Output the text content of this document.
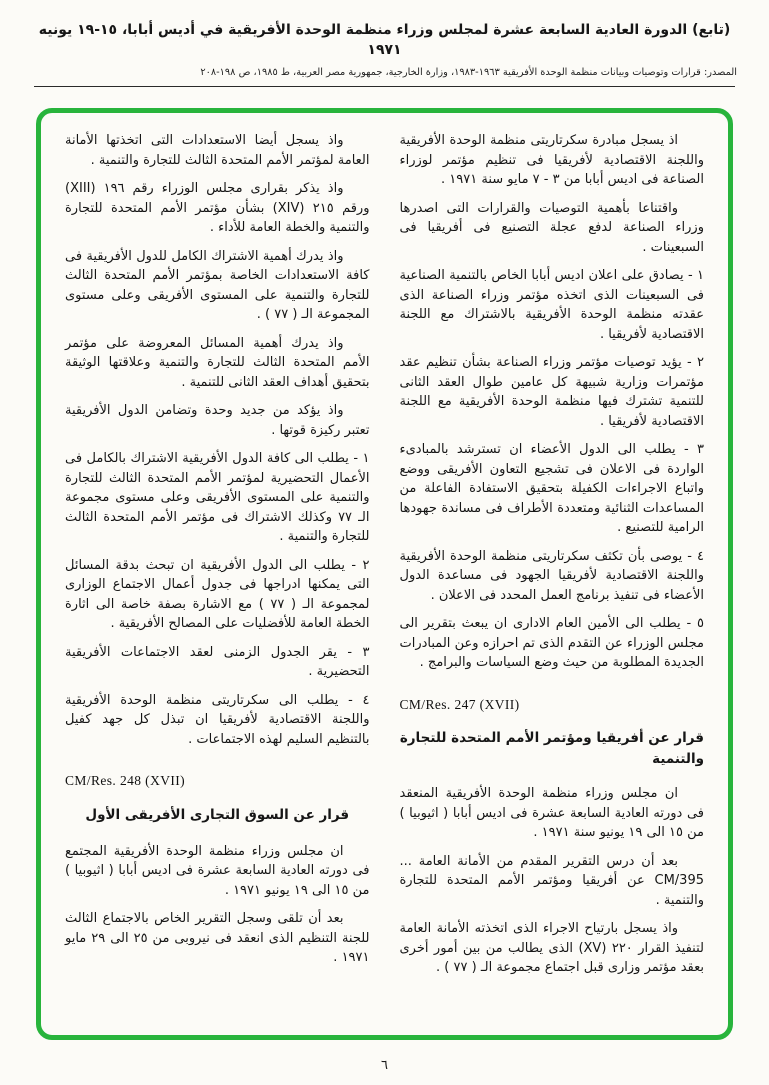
(تابع) الدورة العادية السابعة عشرة لمجلس وزراء منظمة الوحدة الأفريقية في أديس أبابا، ١٥-١٩ يونيه ١٩٧١
المصدر: قرارات وتوصيات وبيانات منظمة الوحدة الأفريقية ١٩٦٣-١٩٨٣، وزارة الخارجية، جمهورية مصر العربية، ط ١٩٨٥، ص ١٩٨-٢٠٨
اذ يسجل مبادرة سكرتاريتى منظمة الوحدة الأفريقية واللجنة الاقتصادية لأفريقيا فى تنظيم مؤتمر لوزراء الصناعة فى اديس أبابا من ٣ - ٧ مايو سنة ١٩٧١ .
واقتناعا بأهمية التوصيات والقرارات التى اصدرها وزراء الصناعة لدفع عجلة التصنيع فى أفريقيا فى السبعينات .
١ - يصادق على اعلان اديس أبابا الخاص بالتنمية الصناعية فى السبعينات الذى اتخذه مؤتمر وزراء الصناعة الذى عقدته منظمة الوحدة الأفريقية بالاشتراك مع اللجنة الاقتصادية لأفريقيا .
٢ - يؤيد توصيات مؤتمر وزراء الصناعة بشأن تنظيم عقد مؤتمرات وزارية شبيهة كل عامين طوال العقد الثانى للتنمية تشترك فيها منظمة الوحدة الأفريقية مع اللجنة الاقتصادية لأفريقيا .
٣ - يطلب الى الدول الأعضاء ان تسترشد بالمبادىء الواردة فى الاعلان فى تشجيع التعاون الأفريقى ووضع واتباع الاجراءات الكفيلة بتحقيق الاستفادة الفاعلة من المساعدات الثنائية ومتعددة الأطراف فى مساندة جهودها الرامية للتصنيع .
٤ - يوصى بأن تكثف سكرتاريتى منظمة الوحدة الأفريقية واللجنة الاقتصادية لأفريقيا الجهود فى مساعدة الدول الأعضاء فى تنفيذ برنامج العمل المحدد فى الاعلان .
٥ - يطلب الى الأمين العام الادارى ان يبعث بتقرير الى مجلس الوزراء عن التقدم الذى تم احرازه وعن المبادرات الجديدة المطلوبة من حيث وضع السياسات والبرامج .
CM/Res. 247 (XVII)
قرار عن أفريقيا ومؤتمر الأمم المتحدة للتجارة والتنمية
ان مجلس وزراء منظمة الوحدة الأفريقية المنعقد فى دورته العادية السابعة عشرة فى اديس أبابا ( اثيوبيا ) من ١٥ الى ١٩ يونيو سنة ١٩٧١ .
بعد أن درس التقرير المقدم من الأمانة العامة ... CM/395 عن أفريقيا ومؤتمر الأمم المتحدة للتجارة والتنمية .
واذ يسجل بارتياح الاجراء الذى اتخذته الأمانة العامة لتنفيذ القرار ٢٢٠ (XV) الذى يطالب من بين أمور أخرى بعقد مؤتمر وزارى قبل اجتماع مجموعة الـ ( ٧٧ ) .
واذ يسجل أيضا الاستعدادات التى اتخذتها الأمانة العامة لمؤتمر الأمم المتحدة الثالث للتجارة والتنمية .
واذ يذكر بقرارى مجلس الوزراء رقم ١٩٦ (XIII) ورقم ٢١٥ (XIV) بشأن مؤتمر الأمم المتحدة للتجارة والتنمية والخطة العامة للأداء .
واذ يدرك أهمية الاشتراك الكامل للدول الأفريقية فى كافة الاستعدادات الخاصة بمؤتمر الأمم المتحدة الثالث للتجارة والتنمية على المستوى الأفريقى وعلى مستوى المجموعة الـ ( ٧٧ ) .
واذ يدرك أهمية المسائل المعروضة على مؤتمر الأمم المتحدة الثالث للتجارة والتنمية وعلاقتها الوثيقة بتحقيق أهداف العقد الثانى للتنمية .
واذ يؤكد من جديد وحدة وتضامن الدول الأفريقية تعتبر ركيزة قوتها .
١ - يطلب الى كافة الدول الأفريقية الاشتراك بالكامل فى الأعمال التحضيرية لمؤتمر الأمم المتحدة الثالث للتجارة والتنمية على المستوى الأفريقى وعلى مستوى مجموعة الـ ٧٧ وكذلك الاشتراك فى مؤتمر الأمم المتحدة الثالث للتجارة والتنمية .
٢ - يطلب الى الدول الأفريقية ان تبحث بدقة المسائل التى يمكنها ادراجها فى جدول أعمال الاجتماع الوزارى لمجموعة الـ ( ٧٧ ) مع الاشارة بصفة خاصة الى اثارة الخطة العامة للأفضليات على المصالح الأفريقية .
٣ - يقر الجدول الزمنى لعقد الاجتماعات الأفريقية التحضيرية .
٤ - يطلب الى سكرتاريتى منظمة الوحدة الأفريقية واللجنة الاقتصادية لأفريقيا ان تبذل كل جهد كفيل بالتنظيم السليم لهذه الاجتماعات .
CM/Res. 248 (XVII)
قرار عن السوق التجارى الأفريقى الأول
ان مجلس وزراء منظمة الوحدة الأفريقية المجتمع فى دورته العادية السابعة عشرة فى اديس أبابا ( اثيوبيا ) من ١٥ الى ١٩ يونيو ١٩٧١ .
بعد أن تلقى وسجل التقرير الخاص بالاجتماع الثالث للجنة التنظيم الذى انعقد فى نيروبى من ٢٥ الى ٢٩ مايو ١٩٧١ .
٦
